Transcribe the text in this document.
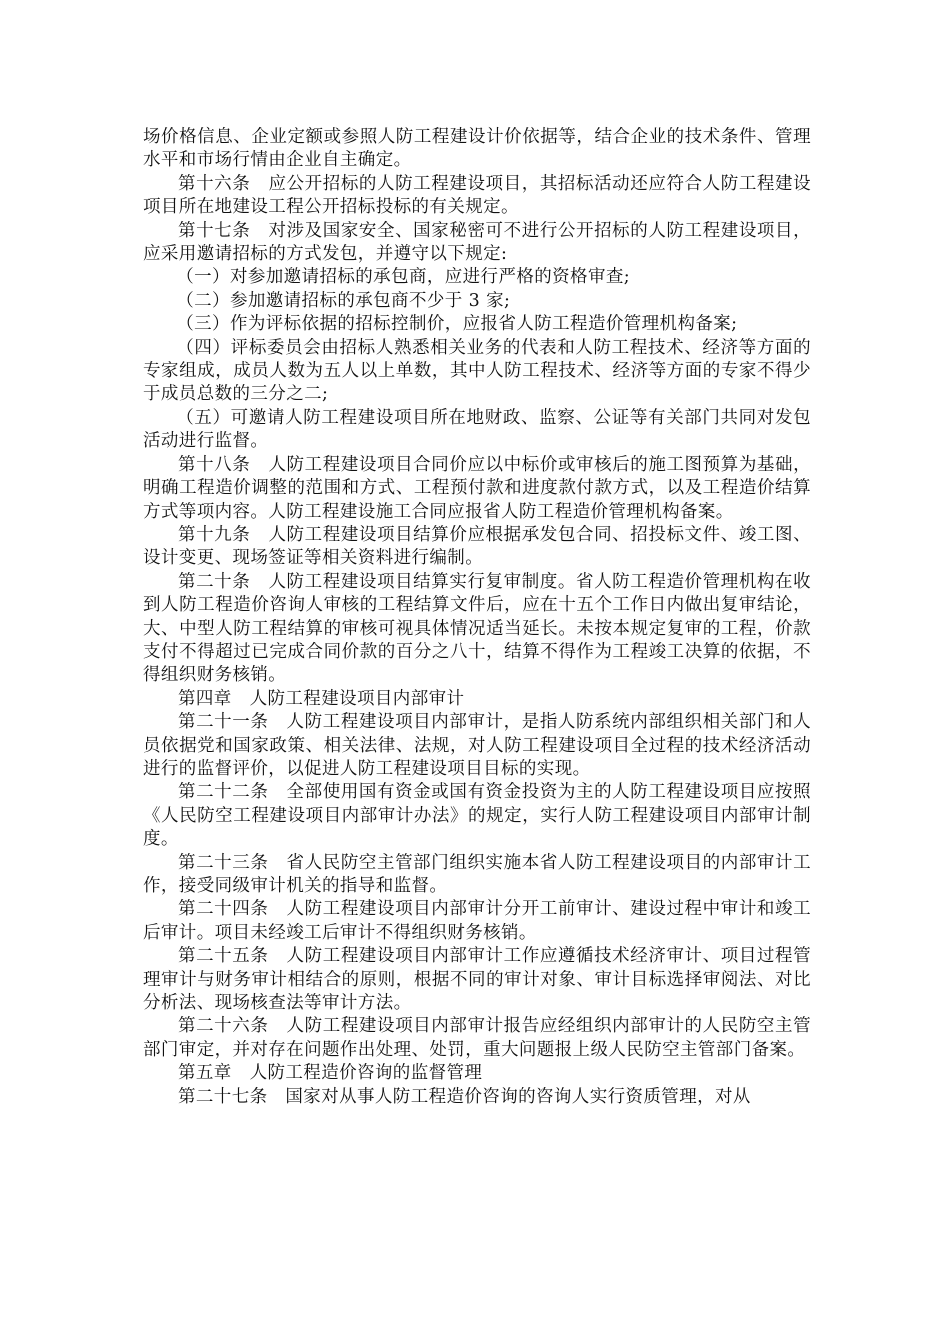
场价格信息、企业定额或参照人防工程建设计价依据等，结合企业的技术条件、管理水平和市场行情由企业自主确定。

第十六条　应公开招标的人防工程建设项目，其招标活动还应符合人防工程建设项目所在地建设工程公开招标投标的有关规定。

第十七条　对涉及国家安全、国家秘密可不进行公开招标的人防工程建设项目，应采用邀请招标的方式发包，并遵守以下规定:

（一）对参加邀请招标的承包商，应进行严格的资格审查;

（二）参加邀请招标的承包商不少于 3 家;

（三）作为评标依据的招标控制价，应报省人防工程造价管理机构备案;

（四）评标委员会由招标人熟悉相关业务的代表和人防工程技术、经济等方面的专家组成，成员人数为五人以上单数，其中人防工程技术、经济等方面的专家不得少于成员总数的三分之二;

（五）可邀请人防工程建设项目所在地财政、监察、公证等有关部门共同对发包活动进行监督。

第十八条　人防工程建设项目合同价应以中标价或审核后的施工图预算为基础，明确工程造价调整的范围和方式、工程预付款和进度款付款方式，以及工程造价结算方式等项内容。人防工程建设施工合同应报省人防工程造价管理机构备案。

第十九条　人防工程建设项目结算价应根据承发包合同、招投标文件、竣工图、设计变更、现场签证等相关资料进行编制。

第二十条　人防工程建设项目结算实行复审制度。省人防工程造价管理机构在收到人防工程造价咨询人审核的工程结算文件后，应在十五个工作日内做出复审结论，大、中型人防工程结算的审核可视具体情况适当延长。未按本规定复审的工程，价款支付不得超过已完成合同价款的百分之八十，结算不得作为工程竣工决算的依据，不得组织财务核销。

第四章　人防工程建设项目内部审计

第二十一条　人防工程建设项目内部审计，是指人防系统内部组织相关部门和人员依据党和国家政策、相关法律、法规，对人防工程建设项目全过程的技术经济活动进行的监督评价，以促进人防工程建设项目目标的实现。

第二十二条　全部使用国有资金或国有资金投资为主的人防工程建设项目应按照《人民防空工程建设项目内部审计办法》的规定，实行人防工程建设项目内部审计制度。

第二十三条　省人民防空主管部门组织实施本省人防工程建设项目的内部审计工作，接受同级审计机关的指导和监督。

第二十四条　人防工程建设项目内部审计分开工前审计、建设过程中审计和竣工后审计。项目未经竣工后审计不得组织财务核销。

第二十五条　人防工程建设项目内部审计工作应遵循技术经济审计、项目过程管理审计与财务审计相结合的原则，根据不同的审计对象、审计目标选择审阅法、对比分析法、现场核查法等审计方法。

第二十六条　人防工程建设项目内部审计报告应经组织内部审计的人民防空主管部门审定，并对存在问题作出处理、处罚，重大问题报上级人民防空主管部门备案。

第五章　人防工程造价咨询的监督管理

第二十七条　国家对从事人防工程造价咨询的咨询人实行资质管理，对从
